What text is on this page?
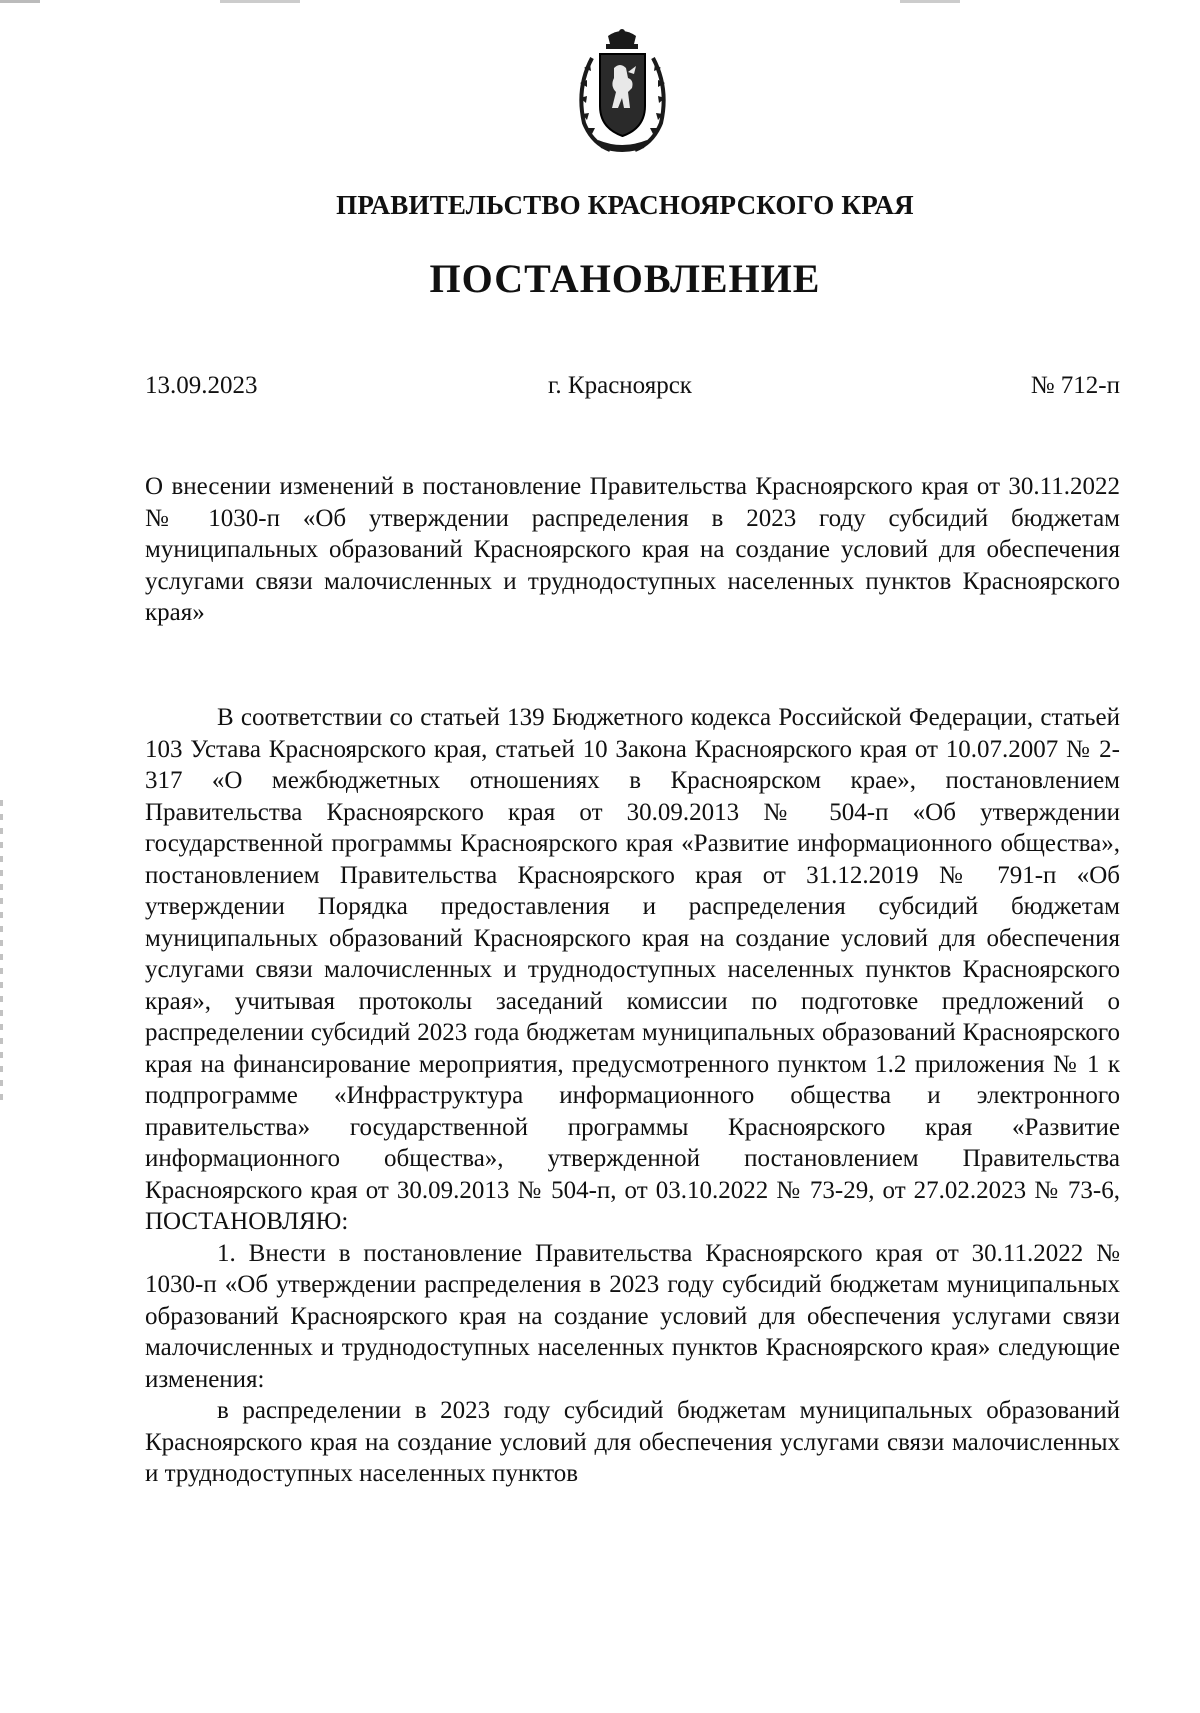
ПРАВИТЕЛЬСТВО КРАСНОЯРСКОГО КРАЯ
ПОСТАНОВЛЕНИЕ
13.09.2023	г. Красноярск	№ 712-п
О внесении изменений в постановление Правительства Красноярского края от 30.11.2022 № 1030-п «Об утверждении распределения в 2023 году субсидий бюджетам муниципальных образований Красноярского края на создание условий для обеспечения услугами связи малочисленных и труднодоступных населенных пунктов Красноярского края»

В соответствии со статьей 139 Бюджетного кодекса Российской Федерации, статьей 103 Устава Красноярского края, статьей 10 Закона Красноярского края от 10.07.2007 № 2-317 «О межбюджетных отношениях в Красноярском крае», постановлением Правительства Красноярского края от 30.09.2013 № 504-п «Об утверждении государственной программы Красноярского края «Развитие информационного общества», постановлением Правительства Красноярского края от 31.12.2019 № 791-п «Об утверждении Порядка предоставления и распределения субсидий бюджетам муниципальных образований Красноярского края на создание условий для обеспечения услугами связи малочисленных и труднодоступных населенных пунктов Красноярского края», учитывая протоколы заседаний комиссии по подготовке предложений о распределении субсидий 2023 года бюджетам муниципальных образований Красноярского края на финансирование мероприятия, предусмотренного пунктом 1.2 приложения № 1 к подпрограмме «Инфраструктура информационного общества и электронного правительства» государственной программы Красноярского края «Развитие информационного общества», утвержденной постановлением Правительства Красноярского края от 30.09.2013 № 504-п, от 03.10.2022 № 73-29, от 27.02.2023 № 73-6, ПОСТАНОВЛЯЮ:

1. Внести в постановление Правительства Красноярского края от 30.11.2022 № 1030-п «Об утверждении распределения в 2023 году субсидий бюджетам муниципальных образований Красноярского края на создание условий для обеспечения услугами связи малочисленных и труднодоступных населенных пунктов Красноярского края» следующие изменения:

в распределении в 2023 году субсидий бюджетам муниципальных образований Красноярского края на создание условий для обеспечения услугами связи малочисленных и труднодоступных населенных пунктов
